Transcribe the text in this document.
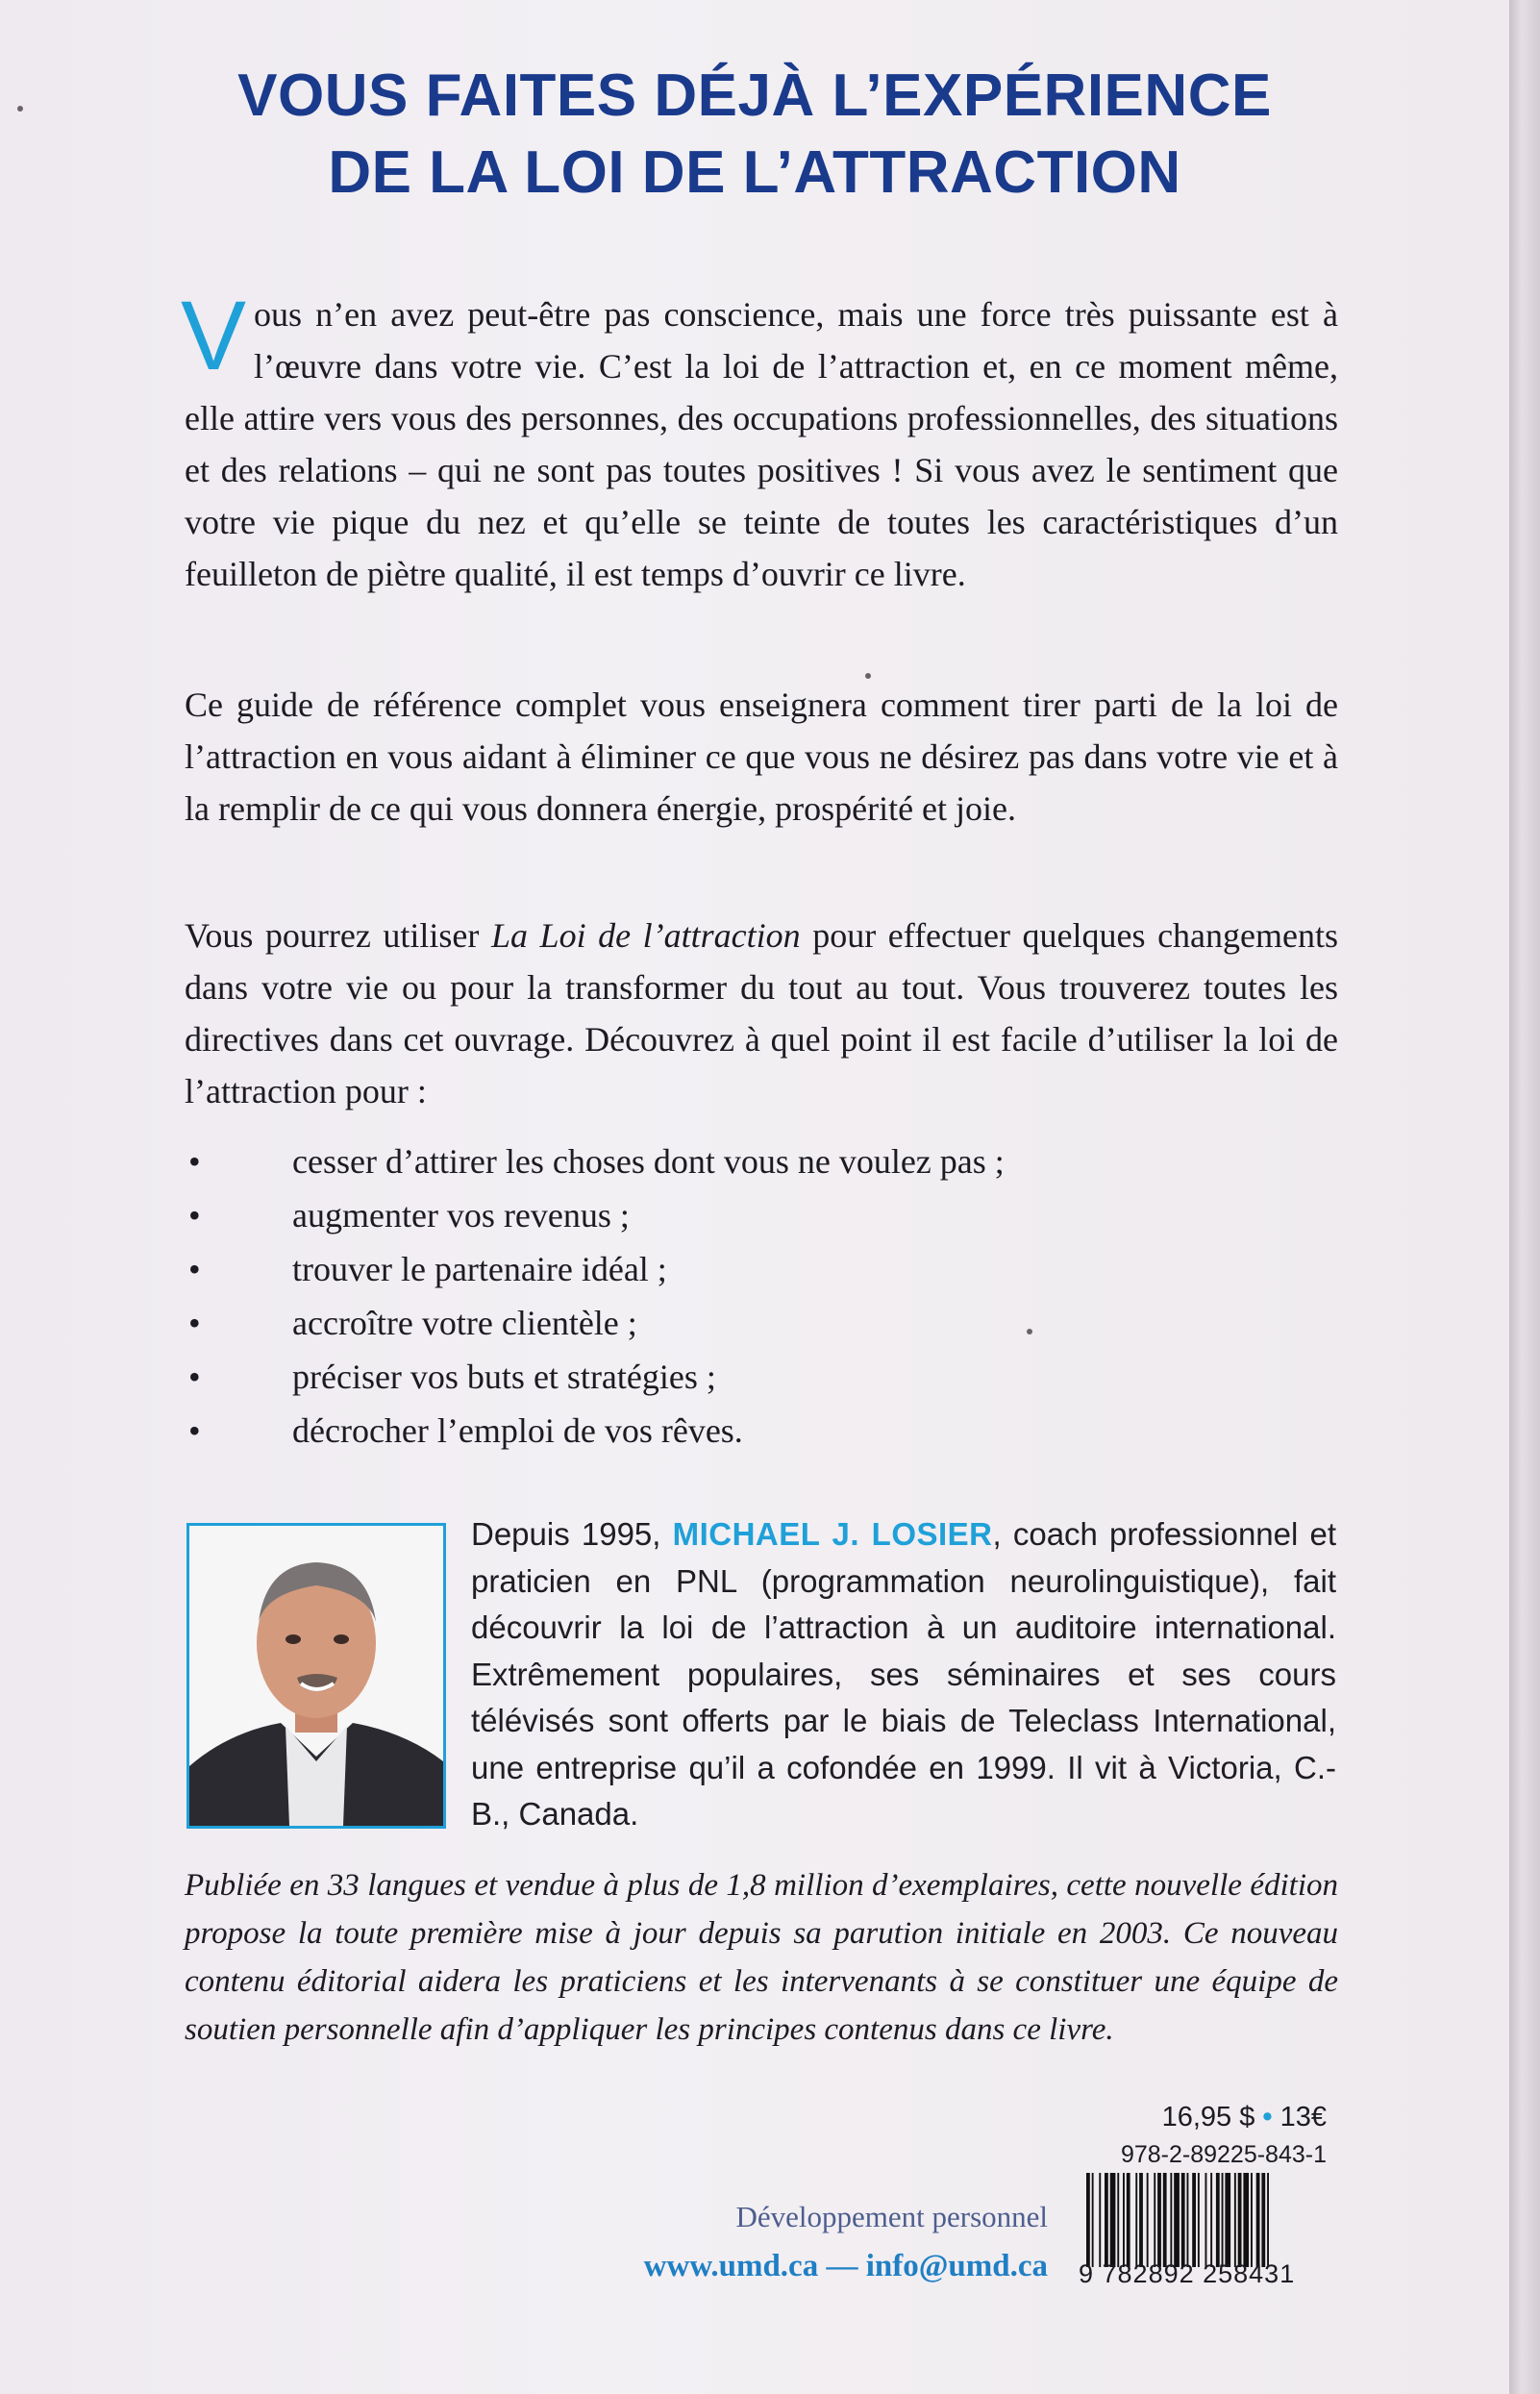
VOUS FAITES DÉJÀ L’EXPÉRIENCE
DE LA LOI DE L’ATTRACTION
Vous n’en avez peut-être pas conscience, mais une force très puissante est à l’œuvre dans votre vie. C’est la loi de l’attraction et, en ce moment même, elle attire vers vous des personnes, des occupations professionnelles, des situations et des relations – qui ne sont pas toutes positives ! Si vous avez le sentiment que votre vie pique du nez et qu’elle se teinte de toutes les caractéristiques d’un feuilleton de piètre qualité, il est temps d’ouvrir ce livre.
Ce guide de référence complet vous enseignera comment tirer parti de la loi de l’attraction en vous aidant à éliminer ce que vous ne désirez pas dans votre vie et à la remplir de ce qui vous donnera énergie, prospérité et joie.
Vous pourrez utiliser La Loi de l’attraction pour effectuer quelques changements dans votre vie ou pour la transformer du tout au tout. Vous trouverez toutes les directives dans cet ouvrage. Découvrez à quel point il est facile d’utiliser la loi de l’attraction pour :
•	cesser d’attirer les choses dont vous ne voulez pas ;
•	augmenter vos revenus ;
•	trouver le partenaire idéal ;
•	accroître votre clientèle ;
•	préciser vos buts et stratégies ;
•	décrocher l’emploi de vos rêves.
Depuis 1995, MICHAEL J. LOSIER, coach professionnel et praticien en PNL (programmation neurolinguistique), fait découvrir la loi de l’attraction à un auditoire international. Extrêmement populaires, ses séminaires et ses cours télévisés sont offerts par le biais de Teleclass International, une entreprise qu’il a cofondée en 1999. Il vit à Victoria, C.-B., Canada.
Publiée en 33 langues et vendue à plus de 1,8 million d’exemplaires, cette nouvelle édition propose la toute première mise à jour depuis sa parution initiale en 2003. Ce nouveau contenu éditorial aidera les praticiens et les intervenants à se constituer une équipe de soutien personnelle afin d’appliquer les principes contenus dans ce livre.
16,95 $ • 13€
978-2-89225-843-1
9 782892 258431
Développement personnel
www.umd.ca — info@umd.ca
